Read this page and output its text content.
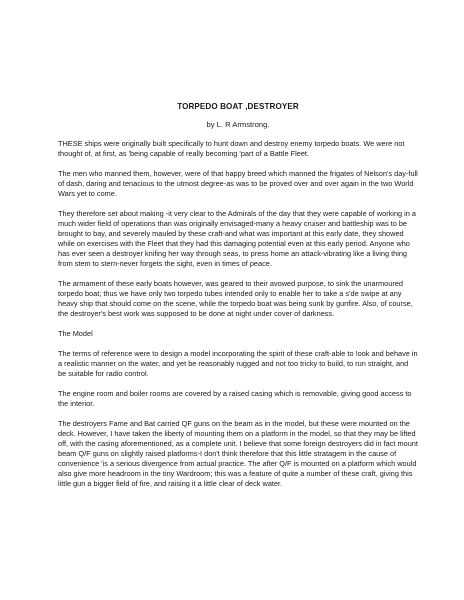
TORPEDO BOAT ,DESTROYER
by L. R Armstrong.

THESE ships were originally built specifically to hunt down and destroy enemy torpedo boats. We were not thought of, at first, as 'being capable of really becoming 'part of a Battle Fleet.

The men who manned them, however, were of that happy breed which manned the frigates of Nelson's day-full of dash, daring and tenacious to the utmost degree-as was to be proved over and over again in the two World Wars yet to come.

They therefore set about making -it very clear to the Admirals of the day that they were capable of working in a much wider field of operations than was originally envisaged-many a heavy cruiser and battleship was to be brought to bay, and severely mauled by these craft-and what was important at this early date, they showed while on exercises with the Fleet that they had this damaging potential even at this early period. Anyone who has ever seen a destroyer knifing her way through seas, to press home an attack-vibrating like a living thing from stem to stern-never forgets the sight, even in times of peace.

The armament of these early boats however, was geared to their avowed purpose, to sink the unarmoured torpedo boat; thus we have only two torpedo tubes intended only to enable her to take a s'de swipe at any heavy ship that should come on the scene, while the torpedo boat was being sunk by gunfire. Also, of course, the destroyer's best work was supposed to be done at night under cover of darkness.

The Model

The terms of reference were to design a model incorporating the spirit of these craft-able to !ook and behave in a realistic manner on the water, and yet be reasonably rugged and not too tricky to build, to run straight, and be suitable for radio control.

The engine room and boiler rooms are covered by a raised casing which is removable, giving good access to the interior.

The destroyers Fame and Bat carried QF guns on the beam as in the model, but these were mounted on the deck. However, I have taken the liberty of mounting them on a platform in the model, so that they may be lifted off, with the casing aforementioned, as a complete unit. I believe that some foreign destroyers did in fact mount beam Q/F guns on slightly raised platforms-I don't think therefore that this little stratagem in the cause of convenience 'is a serious divergence from actual practice. The after Q/F is mounted on a platform which would also give more headroom in the tiny Wardroom; this was a feature of quite a number of these craft, giving this little gun a bigger field of fire, and raising it a little clear of deck water.
